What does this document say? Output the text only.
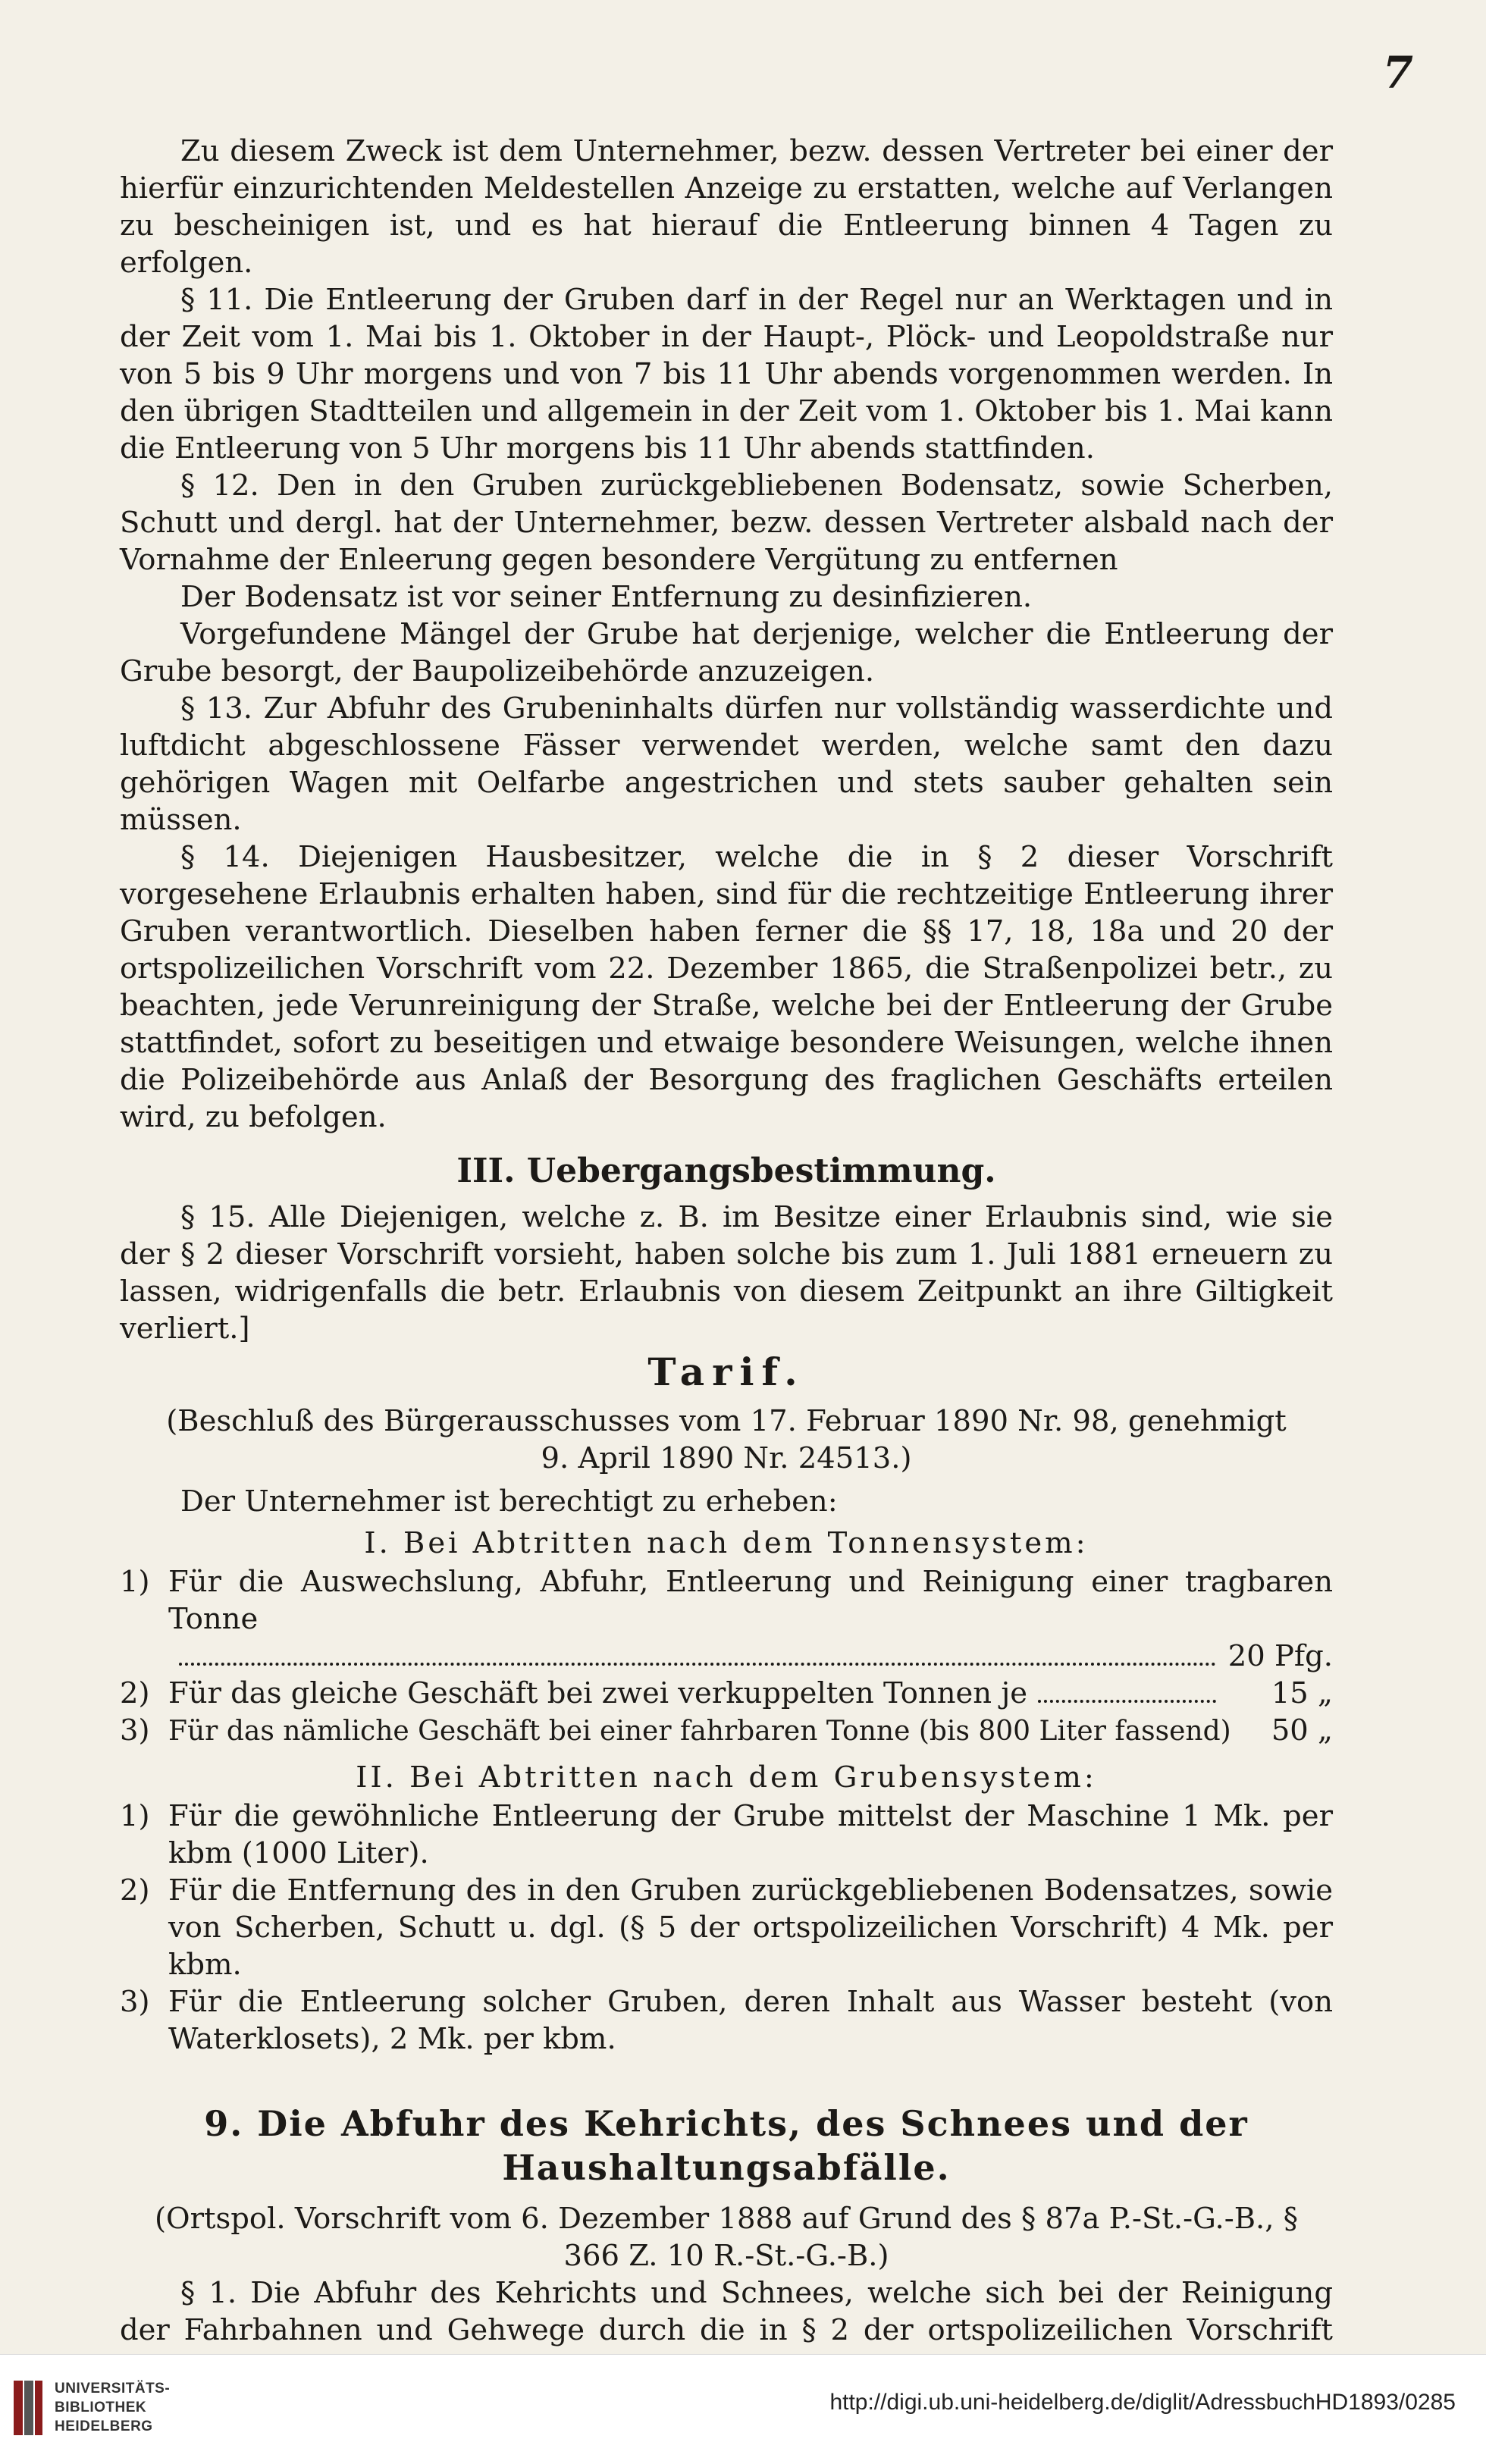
7

Zu diesem Zweck ist dem Unternehmer, bezw. dessen Vertreter bei einer der hierfür einzurichtenden Meldestellen Anzeige zu erstatten, welche auf Verlangen zu bescheinigen ist, und es hat hierauf die Entleerung binnen 4 Tagen zu erfolgen.

§ 11. Die Entleerung der Gruben darf in der Regel nur an Werktagen und in der Zeit vom 1. Mai bis 1. Oktober in der Haupt-, Plöck- und Leopoldstraße nur von 5 bis 9 Uhr morgens und von 7 bis 11 Uhr abends vorgenommen werden. In den übrigen Stadtteilen und allgemein in der Zeit vom 1. Oktober bis 1. Mai kann die Entleerung von 5 Uhr morgens bis 11 Uhr abends stattfinden.

§ 12. Den in den Gruben zurückgebliebenen Bodensatz, sowie Scherben, Schutt und dergl. hat der Unternehmer, bezw. dessen Vertreter alsbald nach der Vornahme der Enleerung gegen besondere Vergütung zu entfernen

Der Bodensatz ist vor seiner Entfernung zu desinfizieren.

Vorgefundene Mängel der Grube hat derjenige, welcher die Entleerung der Grube besorgt, der Baupolizeibehörde anzuzeigen.

§ 13. Zur Abfuhr des Grubeninhalts dürfen nur vollständig wasserdichte und luftdicht abgeschlossene Fässer verwendet werden, welche samt den dazu gehörigen Wagen mit Oelfarbe angestrichen und stets sauber gehalten sein müssen.

§ 14. Diejenigen Hausbesitzer, welche die in § 2 dieser Vorschrift vorgesehene Erlaubnis erhalten haben, sind für die rechtzeitige Entleerung ihrer Gruben verantwortlich. Dieselben haben ferner die §§ 17, 18, 18a und 20 der ortspolizeilichen Vorschrift vom 22. Dezember 1865, die Straßenpolizei betr., zu beachten, jede Verunreinigung der Straße, welche bei der Entleerung der Grube stattfindet, sofort zu beseitigen und etwaige besondere Weisungen, welche ihnen die Polizeibehörde aus Anlaß der Besorgung des fraglichen Geschäfts erteilen wird, zu befolgen.

III. Uebergangsbestimmung.

§ 15. Alle Diejenigen, welche z. B. im Besitze einer Erlaubnis sind, wie sie der § 2 dieser Vorschrift vorsieht, haben solche bis zum 1. Juli 1881 erneuern zu lassen, widrigenfalls die betr. Erlaubnis von diesem Zeitpunkt an ihre Giltigkeit verliert.]

Tarif.

(Beschluß des Bürgerausschusses vom 17. Februar 1890 Nr. 98, genehmigt 9. April 1890 Nr. 24513.)

Der Unternehmer ist berechtigt zu erheben:

I. Bei Abtritten nach dem Tonnensystem:

1) Für die Auswechslung, Abfuhr, Entleerung und Reinigung einer tragbaren Tonne
20 Pfg.
2) Für das gleiche Geschäft bei zwei verkuppelten Tonnen je	15 „
3) Für das nämliche Geschäft bei einer fahrbaren Tonne (bis 800 Liter fassend)	50 „

II. Bei Abtritten nach dem Grubensystem:

1) Für die gewöhnliche Entleerung der Grube mittelst der Maschine 1 Mk. per kbm (1000 Liter).
2) Für die Entfernung des in den Gruben zurückgebliebenen Bodensatzes, sowie von Scherben, Schutt u. dgl. (§ 5 der ortspolizeilichen Vorschrift) 4 Mk. per kbm.
3) Für die Entleerung solcher Gruben, deren Inhalt aus Wasser besteht (von Waterklosets), 2 Mk. per kbm.

9. Die Abfuhr des Kehrichts, des Schnees und der
Haushaltungsabfälle.

(Ortspol. Vorschrift vom 6. Dezember 1888 auf Grund des § 87a P.-St.-G.-B., § 366 Z. 10 R.-St.-G.-B.)

§ 1. Die Abfuhr des Kehrichts und Schnees, welche sich bei der Reinigung der Fahrbahnen und Gehwege durch die in § 2 der ortspolizeilichen Vorschrift

UNIVERSITÄTS-
BIBLIOTHEK
HEIDELBERG
http://digi.ub.uni-heidelberg.de/diglit/AdressbuchHD1893/0285
